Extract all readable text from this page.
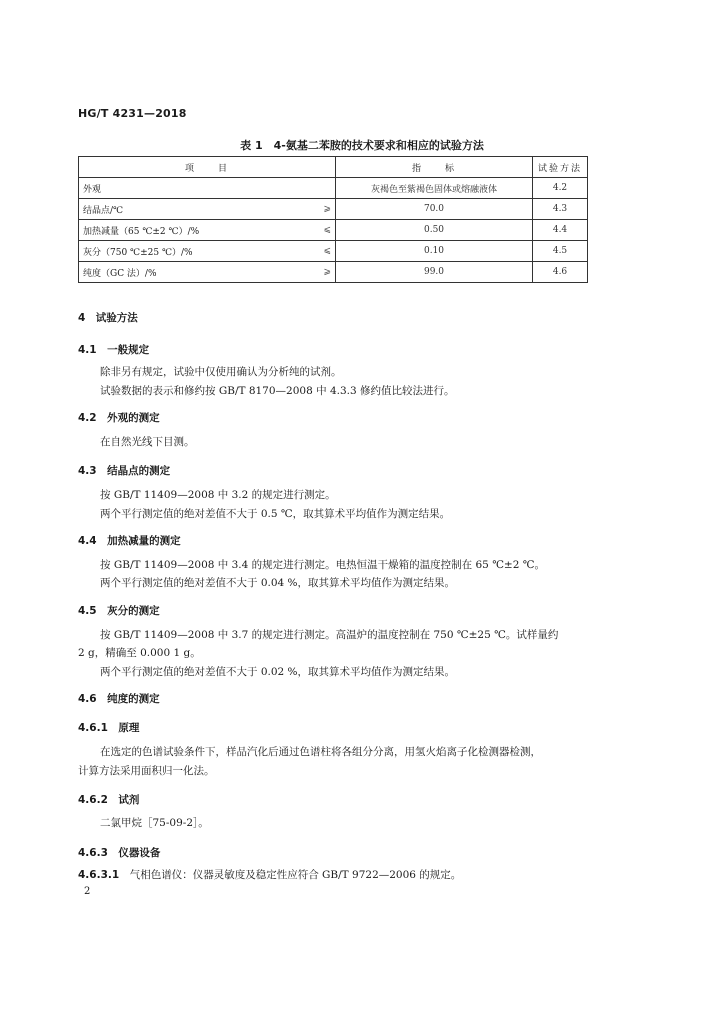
HG/T 4231—2018
表 1　4-氨基二苯胺的技术要求和相应的试验方法
项　　目		指　　标	试验方法
外观		灰褐色至紫褐色固体或熔融液体	4.2
结晶点/℃	⩾	70.0	4.3
加热减量（65 ℃±2 ℃）/%	⩽	0.50	4.4
灰分（750 ℃±25 ℃）/%	⩽	0.10	4.5
纯度（GC 法）/%	⩾	99.0	4.6
4　试验方法
4.1　一般规定
除非另有规定，试验中仅使用确认为分析纯的试剂。
试验数据的表示和修约按 GB/T 8170—2008 中 4.3.3 修约值比较法进行。
4.2　外观的测定
在自然光线下目测。
4.3　结晶点的测定
按 GB/T 11409—2008 中 3.2 的规定进行测定。
两个平行测定值的绝对差值不大于 0.5 ℃，取其算术平均值作为测定结果。
4.4　加热减量的测定
按 GB/T 11409—2008 中 3.4 的规定进行测定。电热恒温干燥箱的温度控制在 65 ℃±2 ℃。
两个平行测定值的绝对差值不大于 0.04 %，取其算术平均值作为测定结果。
4.5　灰分的测定
按 GB/T 11409—2008 中 3.7 的规定进行测定。高温炉的温度控制在 750 ℃±25 ℃。试样量约
2 g，精确至 0.000 1 g。
两个平行测定值的绝对差值不大于 0.02 %，取其算术平均值作为测定结果。
4.6　纯度的测定
4.6.1　原理
在选定的色谱试验条件下，样品汽化后通过色谱柱将各组分分离，用氢火焰离子化检测器检测，
计算方法采用面积归一化法。
4.6.2　试剂
二氯甲烷［75-09-2］。
4.6.3　仪器设备
4.6.3.1　气相色谱仪：仪器灵敏度及稳定性应符合 GB/T 9722—2006 的规定。
2
